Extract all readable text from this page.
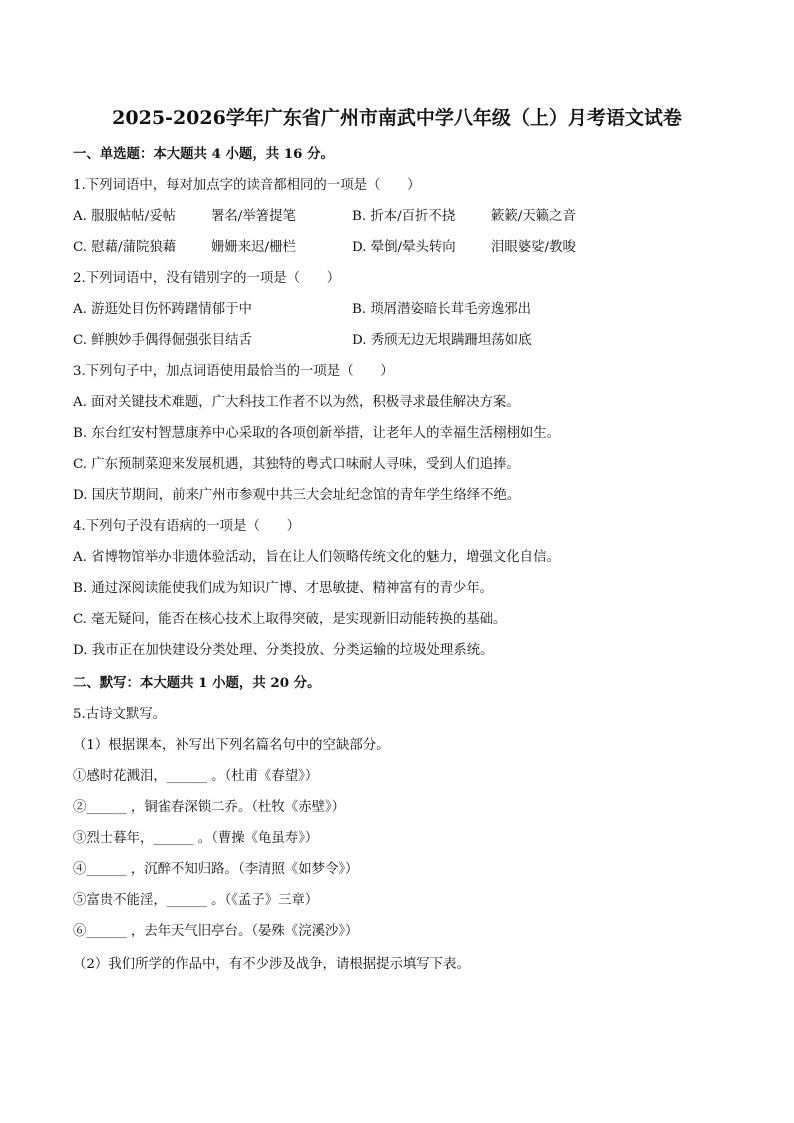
2025-2026学年广东省广州市南武中学八年级（上）月考语文试卷
一、单选题：本大题共 4 小题，共 16 分。
1.下列词语中，每对加点字的读音都相同的一项是（　　）
A. 服服帖帖/妥帖	署名/举箸提笔	B. 折本/百折不挠	簌簌/天籁之音
C. 慰藉/蒲院狼藉	姗姗来迟/栅栏	D. 晕倒/晕头转向	泪眼婆娑/教唆
2.下列词语中，没有错别字的一项是（　　）
A. 游逛处目伤怀踌躇情郁于中	B. 琐屑潜姿暗长茸毛旁逸邪出
C. 鲜腴妙手偶得倔强张目结舌	D. 秀颀无边无垠蹒跚坦荡如底
3.下列句子中，加点词语使用最恰当的一项是（　　）
A. 面对关键技术难题，广大科技工作者不以为然，积极寻求最佳解决方案。
B. 东台红安村智慧康养中心采取的各项创新举措，让老年人的幸福生活栩栩如生。
C. 广东预制菜迎来发展机遇，其独特的粤式口味耐人寻味，受到人们追捧。
D. 国庆节期间，前来广州市参观中共三大会址纪念馆的青年学生络绎不绝。
4.下列句子没有语病的一项是（　　）
A. 省博物馆举办非遗体验活动，旨在让人们领略传统文化的魅力，增强文化自信。
B. 通过深阅读能使我们成为知识广博、才思敏捷、精神富有的青少年。
C. 毫无疑问，能否在核心技术上取得突破，是实现新旧动能转换的基础。
D. 我市正在加快建设分类处理、分类投放、分类运输的垃圾处理系统。
二、默写：本大题共 1 小题，共 20 分。
5.古诗文默写。
（1）根据课本，补写出下列名篇名句中的空缺部分。
①感时花溅泪，______ 。（杜甫《春望》）
②______ ，铜雀春深锁二乔。（杜牧《赤壁》）
③烈士暮年，______ 。（曹操《龟虽寿》）
④______ ，沉醉不知归路。（李清照《如梦令》）
⑤富贵不能淫，______ 。（《孟子》三章）
⑥______ ，去年天气旧亭台。（晏殊《浣溪沙》）
（2）我们所学的作品中，有不少涉及战争，请根据提示填写下表。
